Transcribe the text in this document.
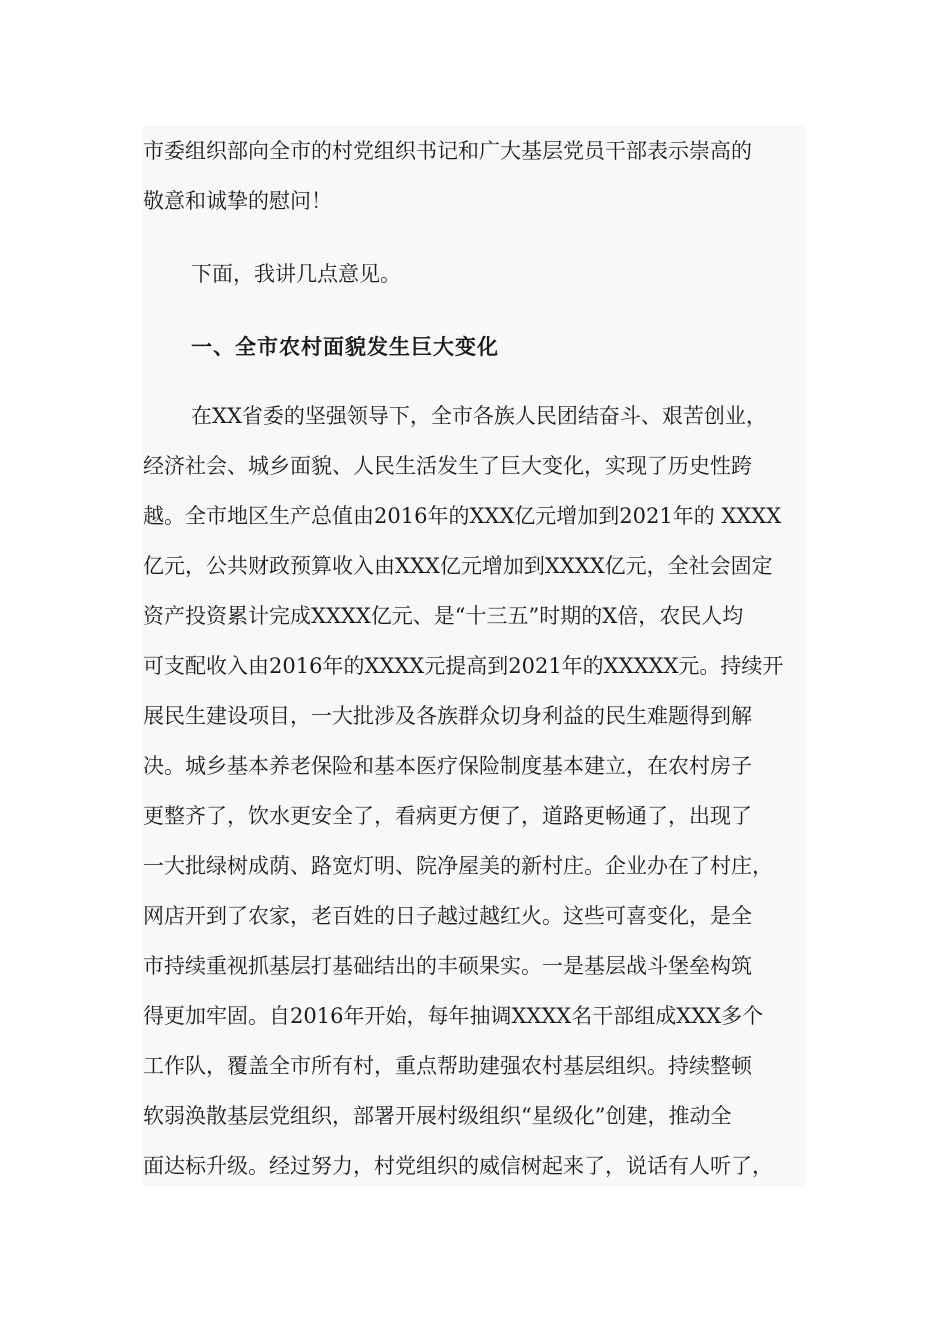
市委组织部向全市的村党组织书记和广大基层党员干部表示崇高的
敬意和诚挚的慰问！
下面，我讲几点意见。
一、全市农村面貌发生巨大变化
在XX省委的坚强领导下，全市各族人民团结奋斗、艰苦创业，
经济社会、城乡面貌、人民生活发生了巨大变化，实现了历史性跨
越。全市地区生产总值由2016年的XXX亿元增加到2021年的 XXXX
亿元，公共财政预算收入由XXX亿元增加到XXXX亿元，全社会固定
资产投资累计完成XXXX亿元、是“十三五”时期的X倍，农民人均
可支配收入由2016年的XXXX元提高到2021年的XXXXX元。持续开
展民生建设项目，一大批涉及各族群众切身利益的民生难题得到解
决。城乡基本养老保险和基本医疗保险制度基本建立，在农村房子
更整齐了，饮水更安全了，看病更方便了，道路更畅通了，出现了
一大批绿树成荫、路宽灯明、院净屋美的新村庄。企业办在了村庄，
网店开到了农家，老百姓的日子越过越红火。这些可喜变化，是全
市持续重视抓基层打基础结出的丰硕果实。一是基层战斗堡垒构筑
得更加牢固。自2016年开始，每年抽调XXXX名干部组成XXX多个
工作队，覆盖全市所有村，重点帮助建强农村基层组织。持续整顿
软弱涣散基层党组织，部署开展村级组织“星级化”创建，推动全
面达标升级。经过努力，村党组织的威信树起来了，说话有人听了，
